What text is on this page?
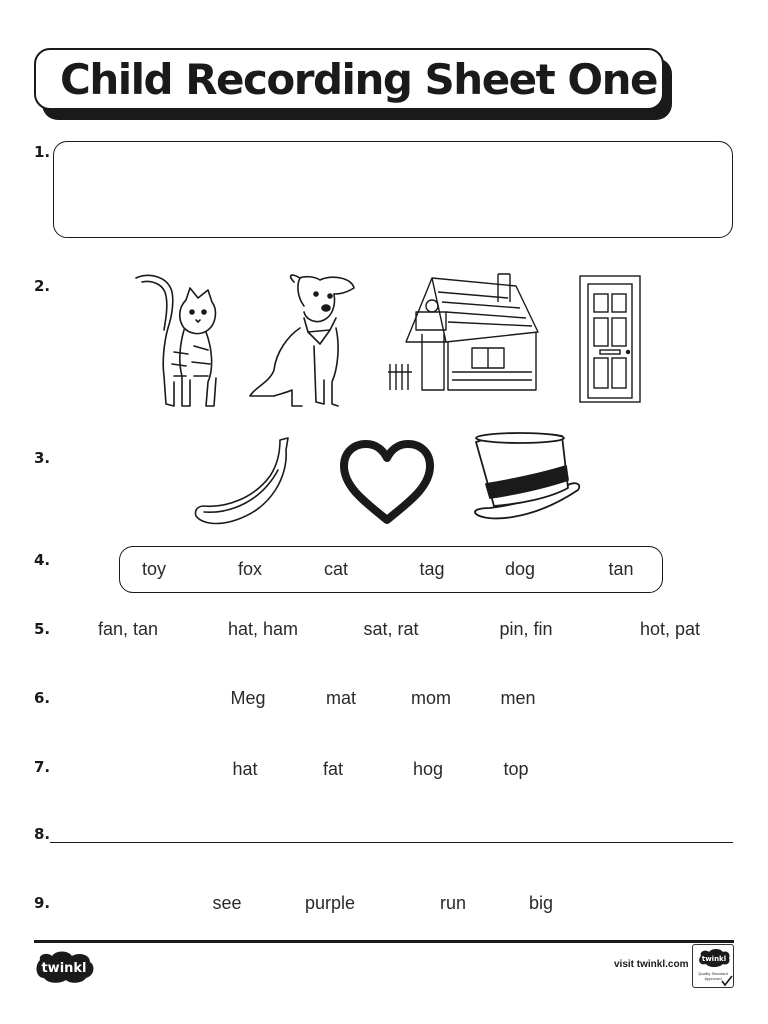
Child Recording Sheet One
1.
2.
3.
4.
5.
6.
7.
8.
9.
toy	fox	cat	tag	dog	tan
fan, tan	hat, ham	sat, rat	pin, fin	hot, pat
Meg	mat	mom	men
hat	fat	hog	top
see	purple	run	big
twinkl	visit twinkl.com twinkl
Quality Standard Approved
